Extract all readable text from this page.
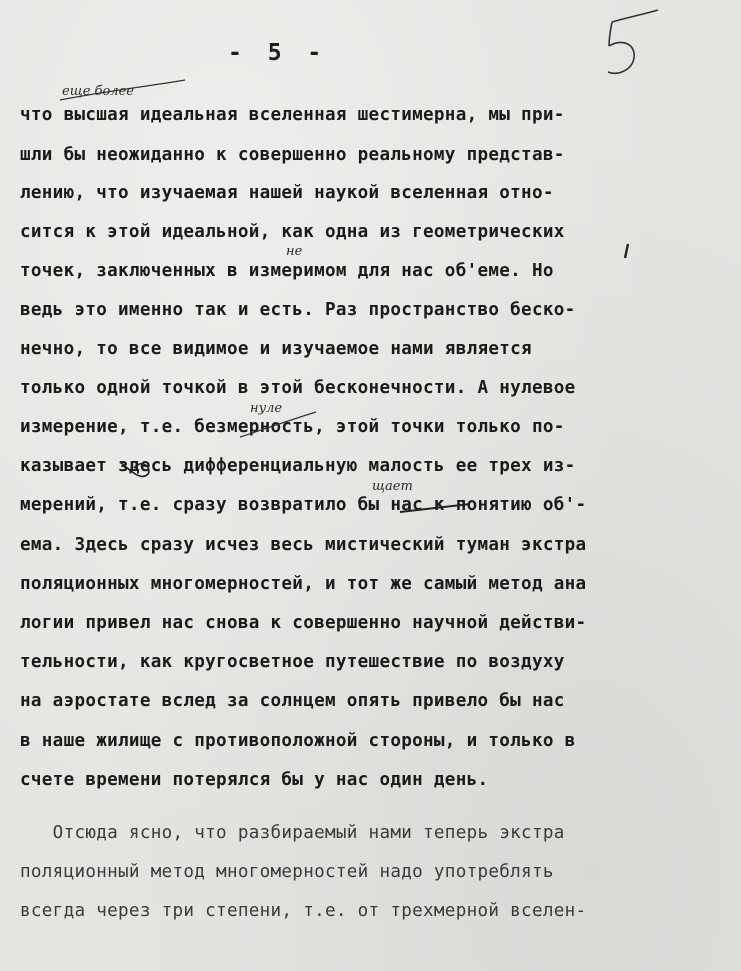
- 5 -
что высшая идеальная вселенная шестимерна, мы при-
шли бы неожиданно к совершенно реальному представ-
лению, что изучаемая нашей наукой вселенная отно-
сится к этой идеальной, как одна из геометрических
точек, заключенных в измеримом для нас об'еме. Но
ведь это именно так и есть. Раз пространство беско-
нечно, то все видимое и изучаемое нами является
только одной точкой в этой бесконечности. А нулевое
измерение, т.е. безмерность, этой точки только по-
казывает здесь дифференциальную малость ее трех из-
мерений, т.е. сразу возвратило бы нас к понятию об'-
ема. Здесь сразу исчез весь мистический туман экстра
поляционных многомерностей, и тот же самый метод ана
логии привел нас снова к совершенно научной действи-
тельности, как кругосветное путешествие по воздуху
на аэростате вслед за солнцем опять привело бы нас
в наше жилище с противоположной стороны, и только в
счете времени потерялся бы у нас один день.
Отсюда ясно, что разбираемый нами теперь экстра
поляционный метод многомерностей надо употреблять
всегда через три степени, т.е. от трехмерной вселен-
еще более
не
нуле
щает
